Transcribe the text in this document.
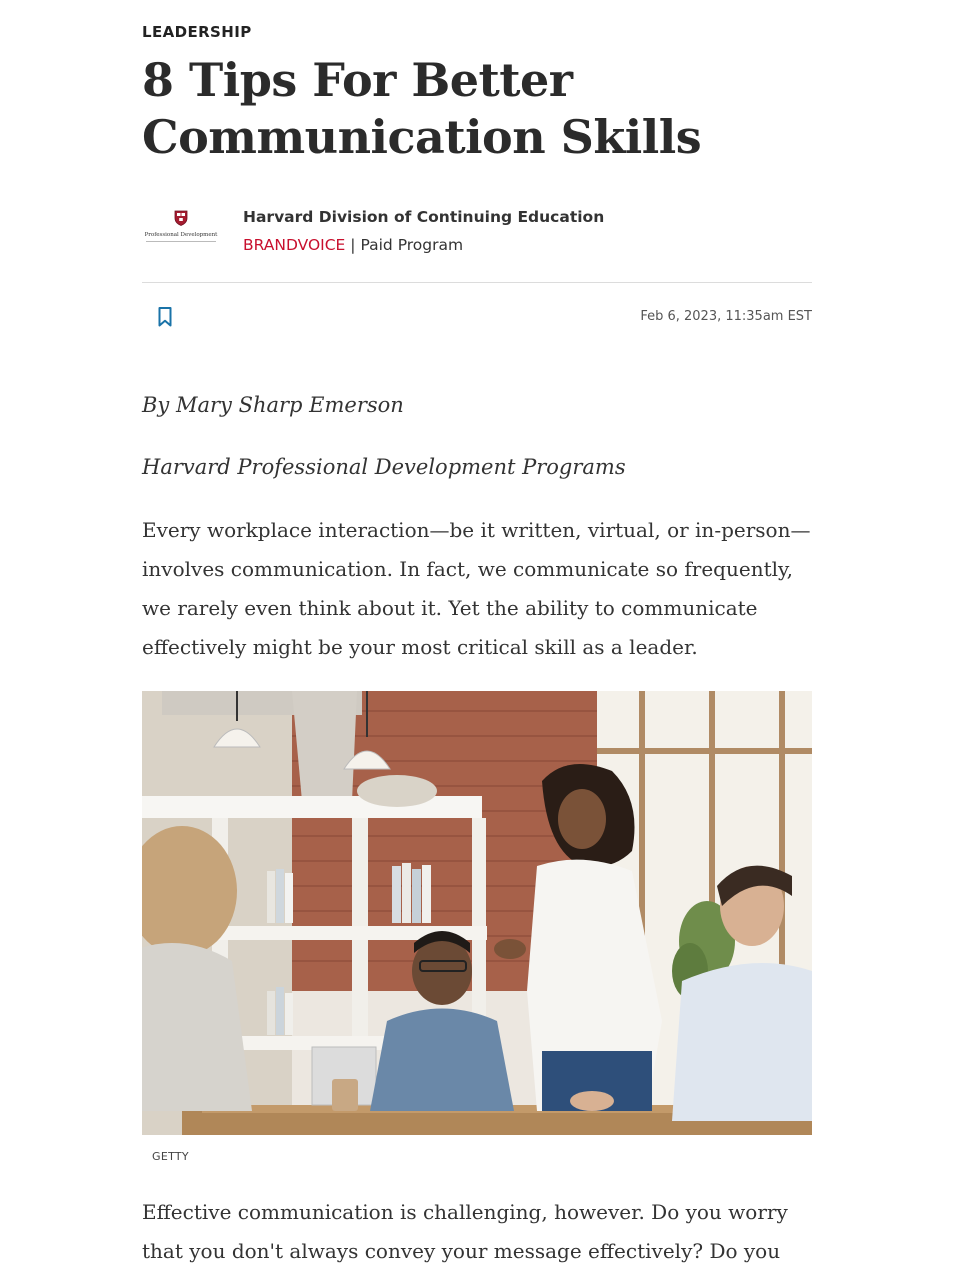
LEADERSHIP
8 Tips For Better Communication Skills
Professional Development
Harvard Division of Continuing Education
BRANDVOICE | Paid Program
Feb 6, 2023, 11:35am EST
By Mary Sharp Emerson
Harvard Professional Development Programs

Every workplace interaction—be it written, virtual, or in-person—involves communication. In fact, we communicate so frequently, we rarely even think about it. Yet the ability to communicate effectively might be your most critical skill as a leader.

GETTY

Effective communication is challenging, however. Do you worry that you don't always convey your message effectively? Do you
